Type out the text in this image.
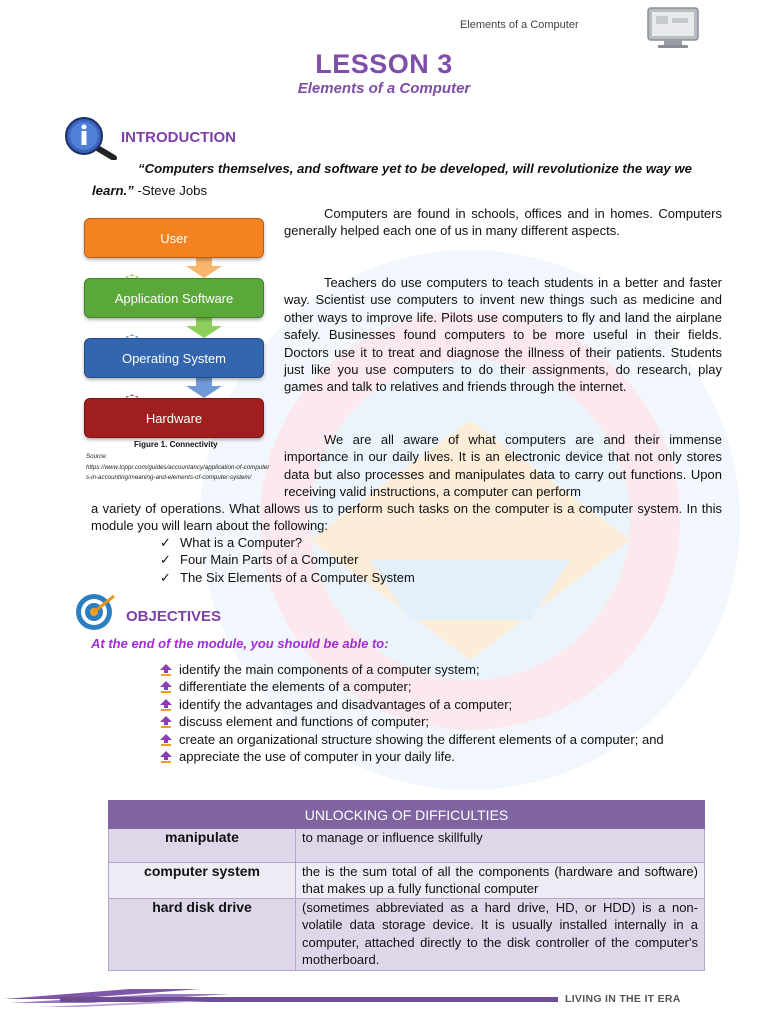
Elements of a Computer
LESSON 3
Elements of a Computer
INTRODUCTION
“Computers themselves, and software yet to be developed, will revolutionize the way we learn.” -Steve Jobs
User
Application Software
Operating System
Hardware
Figure 1. Connectivity
Source:
https://www.toppr.com/guides/accountancy/application-of-computers-in-accounting/meaning-and-elements-of-computer-system/
Computers are found in schools, offices and in homes. Computers generally helped each one of us in many different aspects.
Teachers do use computers to teach students in a better and faster way. Scientist use computers to invent new things such as medicine and other ways to improve life. Pilots use computers to fly and land the airplane safely. Businesses found computers to be more useful in their fields. Doctors use it to treat and diagnose the illness of their patients. Students just like you use computers to do their assignments, do research, play games and talk to relatives and friends through the internet.
We are all aware of what computers are and their immense importance in our daily lives. It is an electronic device that not only stores data but also processes and manipulates data to carry out functions. Upon receiving valid instructions, a computer can perform
a variety of operations. What allows us to perform such tasks on the computer is a computer system. In this module you will learn about the following:
✓ What is a Computer?
✓ Four Main Parts of a Computer
✓ The Six Elements of a Computer System
OBJECTIVES
At the end of the module, you should be able to:
identify the main components of a computer system;
differentiate the elements of a computer;
identify the advantages and disadvantages of a computer;
discuss element and functions of computer;
create an organizational structure showing the different elements of a computer; and
appreciate the use of computer in your daily life.
UNLOCKING OF DIFFICULTIES	
manipulate	to manage or influence skillfully
computer system	the is the sum total of all the components (hardware and software) that makes up a fully functional computer
hard disk drive	(sometimes abbreviated as a hard drive, HD, or HDD) is a non-volatile data storage device. It is usually installed internally in a computer, attached directly to the disk controller of the computer's motherboard.
LIVING IN THE IT ERA
